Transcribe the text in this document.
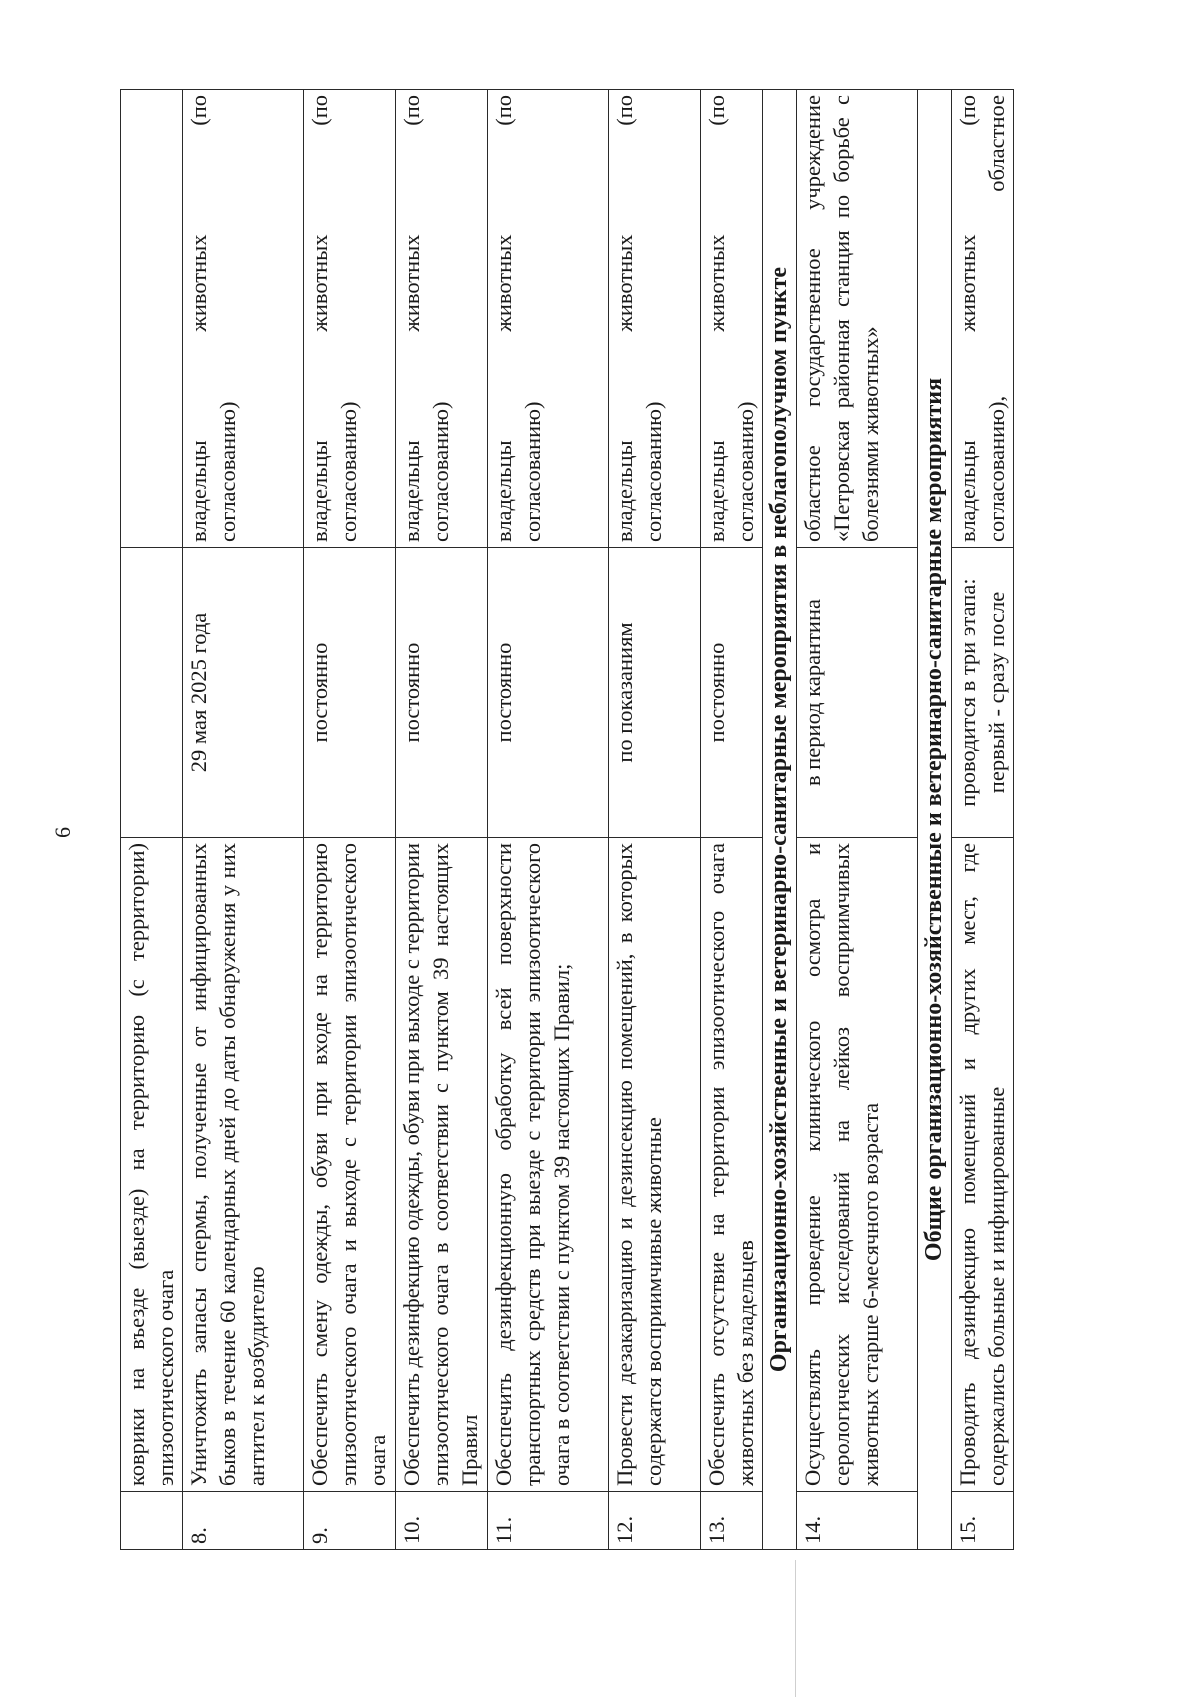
6
	коврики на въезде (выезде) на территорию (с территории) эпизоотического очага		
8.	Уничтожить запасы спермы, полученные от инфицированных быков в течение 60 календарных дней до даты обнаружения у них антител к возбудителю	29 мая 2025 года	владельцы животных (по согласованию)

9.	Обеспечить смену одежды, обуви при входе на территорию эпизоотического очага и выходе с территории эпизоотического очага	постоянно	владельцы животных (по согласованию)

10.	Обеспечить дезинфекцию одежды, обуви при выходе с территории эпизоотического очага в соответствии с пунктом 39 настоящих Правил	постоянно	владельцы животных (по согласованию)

11.	Обеспечить дезинфекционную обработку всей поверхности транспортных средств при выезде с территории эпизоотического очага в соответствии с пунктом 39 настоящих Правил;	постоянно	владельцы животных (по согласованию)

12.	Провести дезакаризацию и дезинсекцию помещений, в которых содержатся восприимчивые животные	по показаниям	владельцы животных (по согласованию)

13.	Обеспечить отсутствие на территории эпизоотического очага животных без владельцев	постоянно	владельцы животных (по согласованию)

Организационно-хозяйственные и ветеринарно-санитарные мероприятия в неблагополучном пункте			
14.	Осуществлять проведение клинического осмотра и серологических исследований на лейкоз восприимчивых животных старше 6-месячного возраста	в период карантина	областное государственное учреждение «Петровская районная станция по борьбе с болезнями животных»
Общие организационно-хозяйственные и ветеринарно-санитарные мероприятия			
15.	Проводить дезинфекцию помещений и других мест, где содержались больные и инфицированные	проводится в три этапа: первый - сразу после	владельцы животных (по согласованию), областное
